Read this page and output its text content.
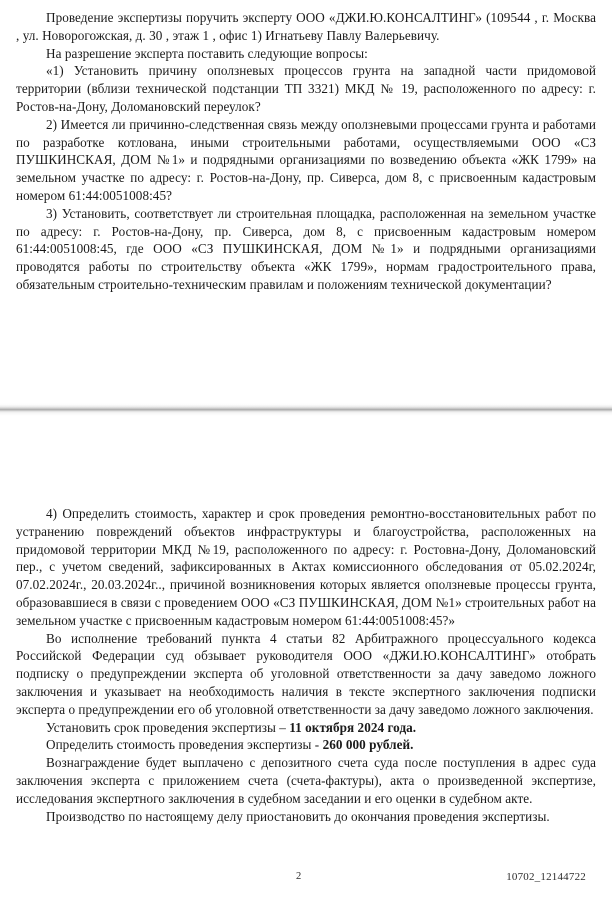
Проведение экспертизы поручить эксперту ООО «ДЖИ.Ю.КОНСАЛТИНГ» (109544 , г. Москва , ул. Новорогожская, д. 30 , этаж 1 , офис 1) Игнатьеву Павлу Валерьевичу.

На разрешение эксперта поставить следующие вопросы:

«1) Установить причину оползневых процессов грунта на западной части придомовой территории (вблизи технической подстанции ТП 3321) МКД № 19, расположенного по адресу: г. Ростов-на-Дону, Доломановский переулок?

2) Имеется ли причинно-следственная связь между оползневыми процессами грунта и работами по разработке котлована, иными строительными работами, осуществляемыми ООО «СЗ ПУШКИНСКАЯ, ДОМ №1» и подрядными организациями по возведению объекта «ЖК 1799» на земельном участке по адресу: г. Ростов-на-Дону, пр. Сиверса, дом 8, с присвоенным кадастровым номером 61:44:0051008:45?

3) Установить, соответствует ли строительная площадка, расположенная на земельном участке по адресу: г. Ростов-на-Дону, пр. Сиверса, дом 8, с присвоенным кадастровым номером 61:44:0051008:45, где ООО «СЗ ПУШКИНСКАЯ, ДОМ №1» и подрядными организациями проводятся работы по строительству объекта «ЖК 1799», нормам градостроительного права, обязательным строительно-техническим правилам и положениям технической документации?

2	10702_12144722

4) Определить стоимость, характер и срок проведения ремонтно-восстановительных работ по устранению повреждений объектов инфраструктуры и благоустройства, расположенных на придомовой территории МКД №19, расположенного по адресу: г. Ростовна-Дону, Доломановский пер., с учетом сведений, зафиксированных в Актах комиссионного обследования от 05.02.2024г, 07.02.2024г., 20.03.2024г.., причиной возникновения которых является оползневые процессы грунта, образовавшиеся в связи с проведением ООО «СЗ ПУШКИНСКАЯ, ДОМ №1» строительных работ на земельном участке с присвоенным кадастровым номером 61:44:0051008:45?»

Во исполнение требований пункта 4 статьи 82 Арбитражного процессуального кодекса Российской Федерации суд обзывает руководителя ООО «ДЖИ.Ю.КОНСАЛТИНГ» отобрать подписку о предупреждении эксперта об уголовной ответственности за дачу заведомо ложного заключения и указывает на необходимость наличия в тексте экспертного заключения подписки эксперта о предупреждении его об уголовной ответственности за дачу заведомо ложного заключения.

Установить срок проведения экспертизы – 11 октября 2024 года.

Определить стоимость проведения экспертизы - 260 000 рублей.

Вознаграждение будет выплачено с депозитного счета суда после поступления в адрес суда заключения эксперта с приложением счета (счета-фактуры), акта о произведенной экспертизе, исследования экспертного заключения в судебном заседании и его оценки в судебном акте.

Производство по настоящему делу приостановить до окончания проведения экспертизы.
